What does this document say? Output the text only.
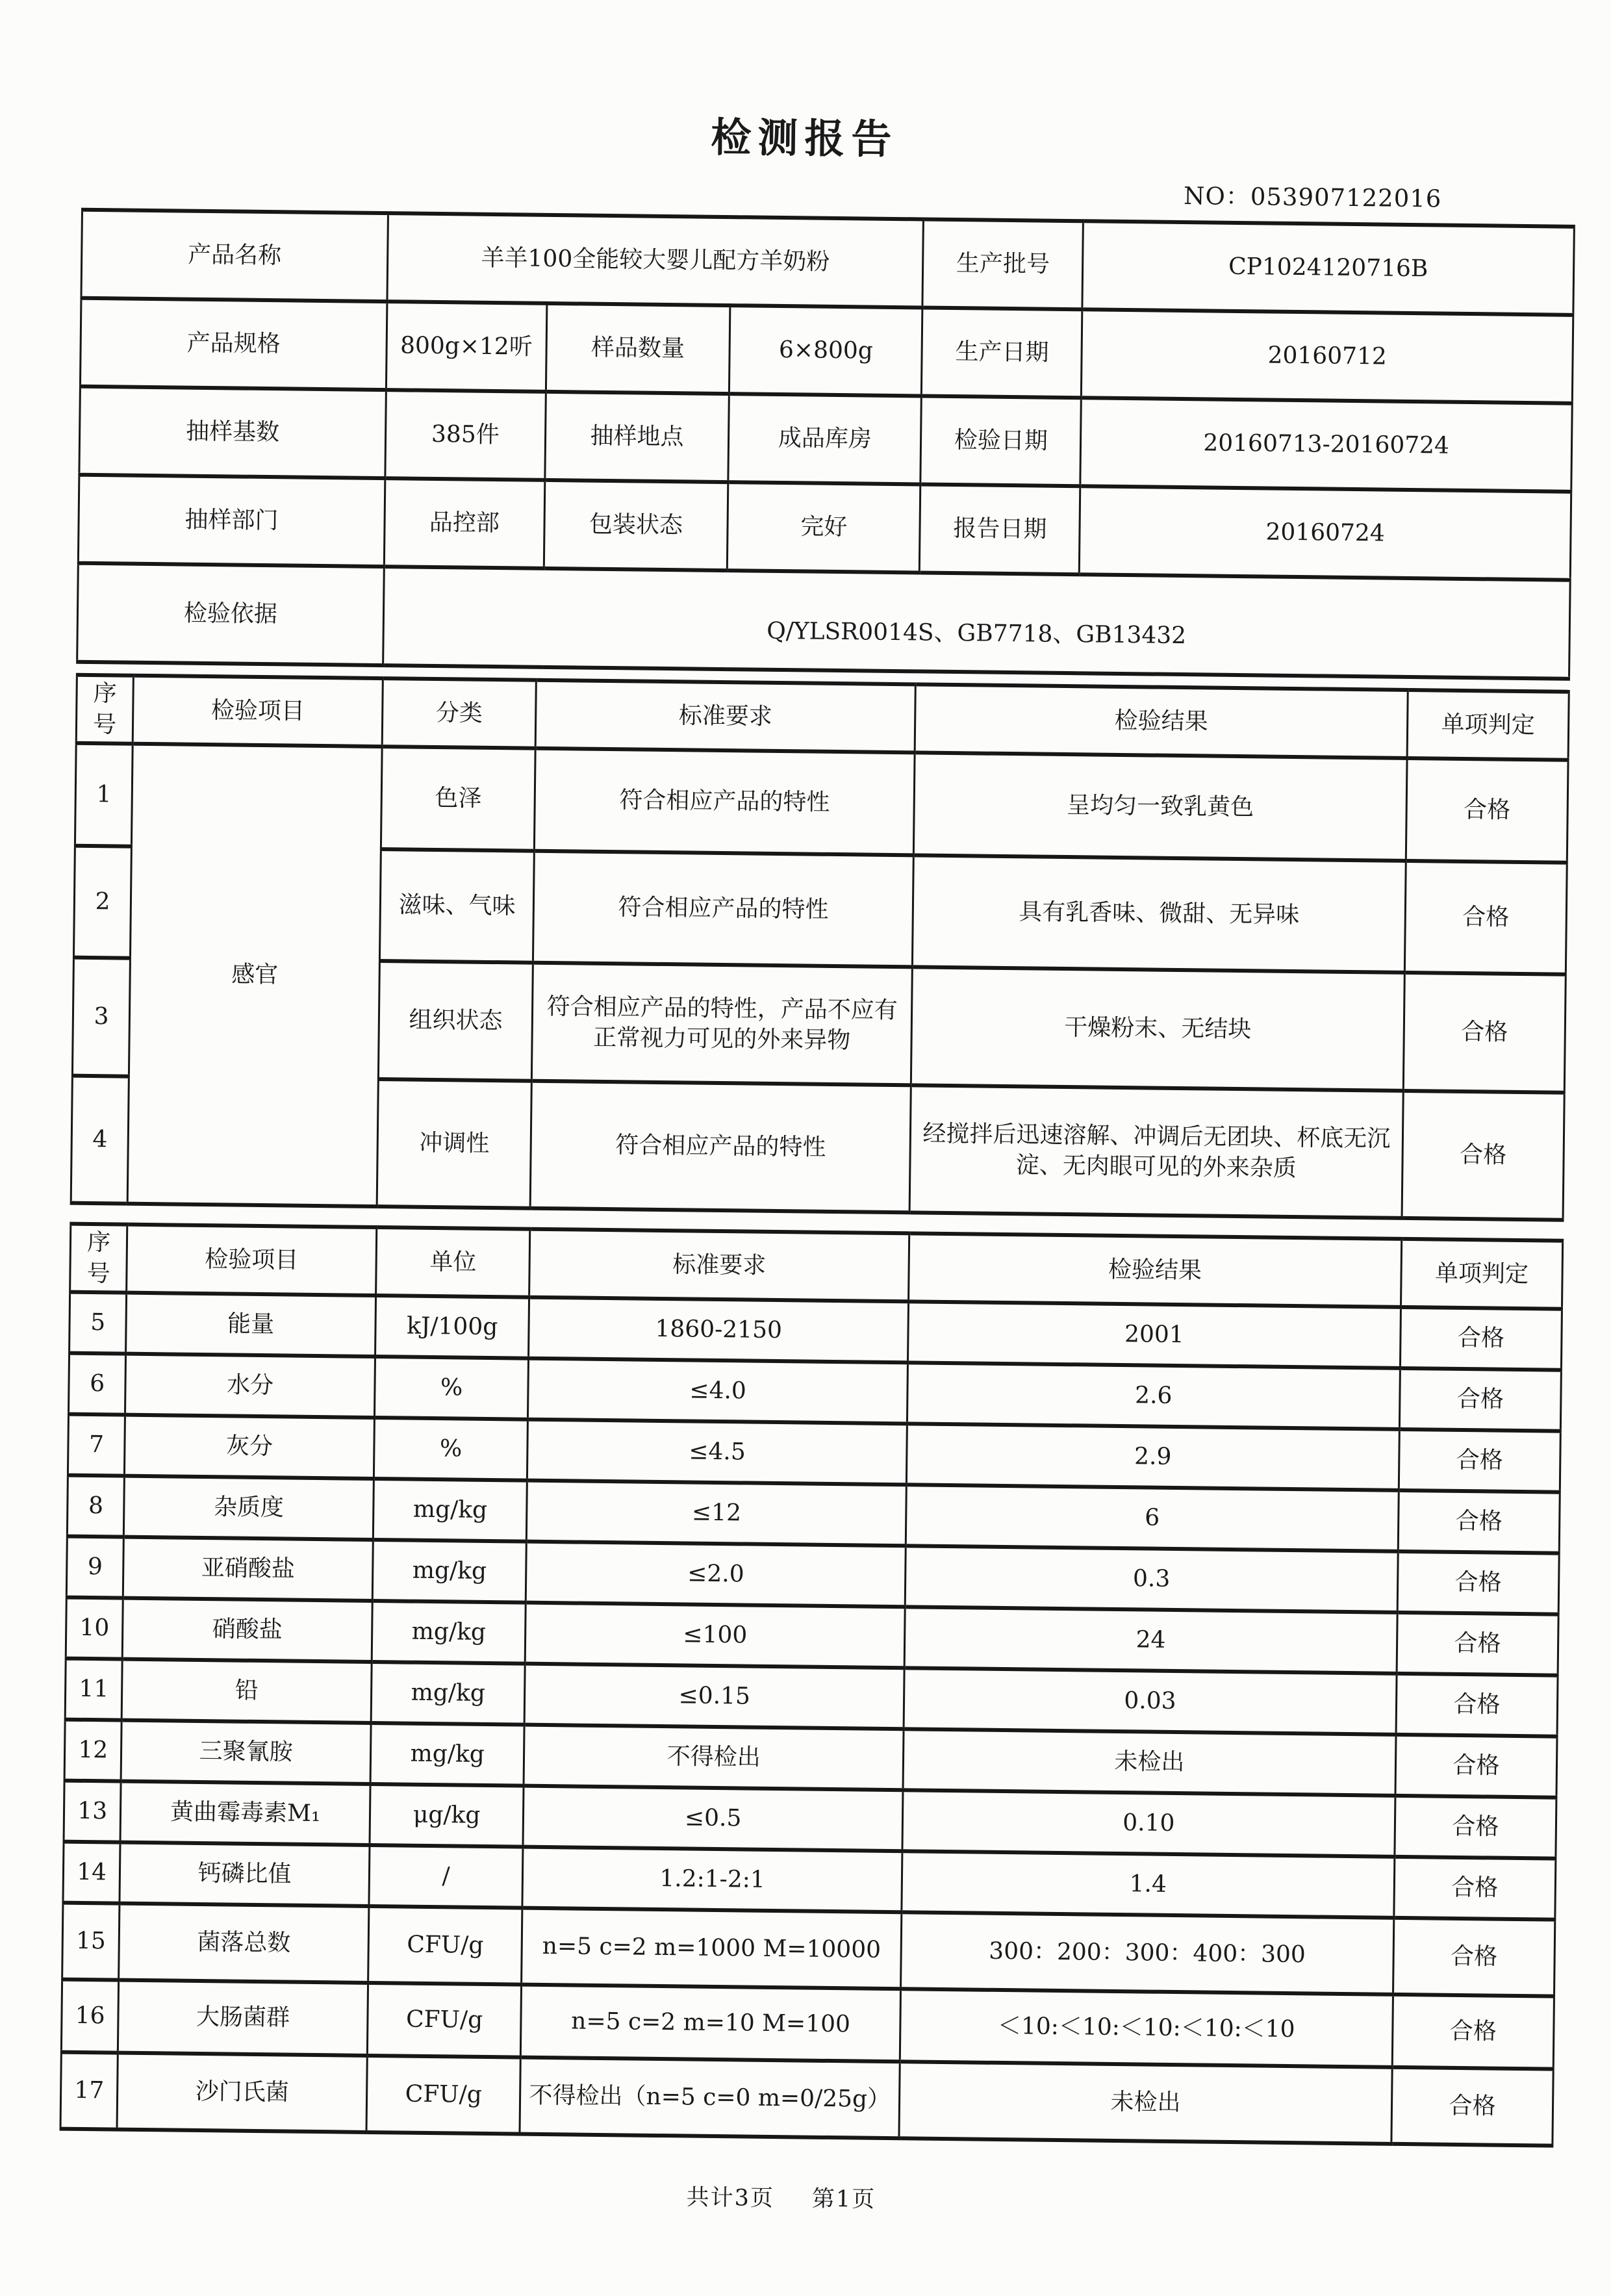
检测报告
NO：053907122016
产品名称	羊羊100全能较大婴儿配方羊奶粉			生产批号	CP1024120716B
产品规格	800g×12听	样品数量	6×800g	生产日期	20160712
抽样基数	385件	抽样地点	成品库房	检验日期	20160713-20160724
抽样部门	品控部	包装状态	完好	报告日期	20160724
检验依据	Q/YLSR0014S、GB7718、GB13432				
序号	检验项目	分类	标准要求	检验结果	单项判定
1	感官	色泽	符合相应产品的特性	呈均匀一致乳黄色	合格
2		滋味、气味	符合相应产品的特性	具有乳香味、微甜、无异味	合格
3		组织状态	符合相应产品的特性，产品不应有正常视力可见的外来异物	干燥粉末、无结块	合格
4		冲调性	符合相应产品的特性	经搅拌后迅速溶解、冲调后无团块、杯底无沉淀、无肉眼可见的外来杂质	合格
序号	检验项目	单位	标准要求	检验结果	单项判定
5	能量	kJ/100g	1860-2150	2001	合格
6	水分	%	≤4.0	2.6	合格
7	灰分	%	≤4.5	2.9	合格
8	杂质度	mg/kg	≤12	6	合格
9	亚硝酸盐	mg/kg	≤2.0	0.3	合格
10	硝酸盐	mg/kg	≤100	24	合格
11	铅	mg/kg	≤0.15	0.03	合格
12	三聚氰胺	mg/kg	不得检出	未检出	合格
13	黄曲霉毒素M₁	μg/kg	≤0.5	0.10	合格
14	钙磷比值	/	1.2:1-2:1	1.4	合格
15	菌落总数	CFU/g	n=5 c=2 m=1000 M=10000	300：200：300：400：300	合格
16	大肠菌群	CFU/g	n=5 c=2 m=10 M=100	＜10:＜10:＜10:＜10:＜10	合格
17	沙门氏菌	CFU/g	不得检出（n=5 c=0 m=0/25g）	未检出	合格
共计3页 第1页
